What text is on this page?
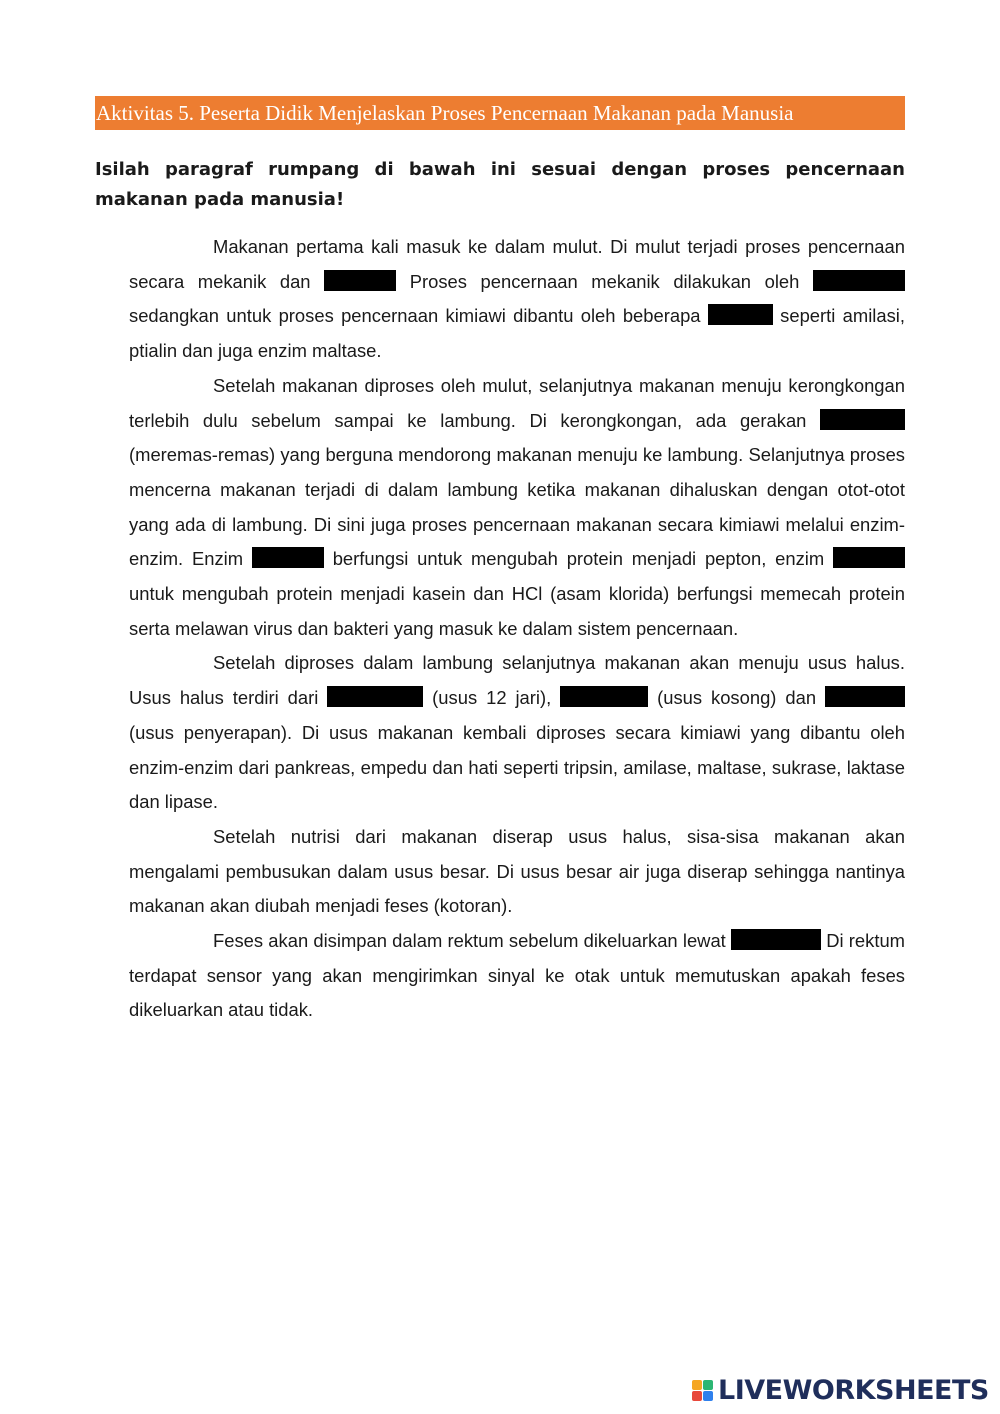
Aktivitas 5. Peserta Didik Menjelaskan Proses Pencernaan Makanan pada Manusia

Isilah paragraf rumpang di bawah ini sesuai dengan proses pencernaan makanan pada manusia!

Makanan pertama kali masuk ke dalam mulut. Di mulut terjadi proses pencernaan secara mekanik dan	Proses pencernaan mekanik dilakukan oleh  sedangkan untuk proses pencernaan kimiawi dibantu oleh beberapa	seperti amilasi, ptialin dan juga enzim maltase.

Setelah makanan diproses oleh mulut, selanjutnya makanan menuju kerongkongan terlebih dulu sebelum sampai ke lambung. Di kerongkongan, ada gerakan  (meremas-remas) yang berguna mendorong makanan menuju ke lambung. Selanjutnya proses mencerna makanan terjadi di dalam lambung ketika makanan dihaluskan dengan otot-otot yang ada di lambung. Di sini juga proses pencernaan makanan secara kimiawi melalui enzim-enzim. Enzim	berfungsi untuk mengubah protein menjadi pepton, enzim  untuk mengubah protein menjadi kasein dan HCl (asam klorida) berfungsi memecah protein serta melawan virus dan bakteri yang masuk ke dalam sistem pencernaan.

Setelah diproses dalam lambung selanjutnya makanan akan menuju usus halus. Usus halus terdiri dari	(usus 12 jari),	(usus kosong) dan  (usus penyerapan). Di usus makanan kembali diproses secara kimiawi yang dibantu oleh enzim-enzim dari pankreas, empedu dan hati seperti tripsin, amilase, maltase, sukrase, laktase dan lipase.

Setelah nutrisi dari makanan diserap usus halus, sisa-sisa makanan akan mengalami pembusukan dalam usus besar. Di usus besar air juga diserap sehingga nantinya makanan akan diubah menjadi feses (kotoran).

Feses akan disimpan dalam rektum sebelum dikeluarkan lewat	Di rektum terdapat sensor yang akan mengirimkan sinyal ke otak untuk memutuskan apakah feses dikeluarkan atau tidak.

LIVEWORKSHEETS
